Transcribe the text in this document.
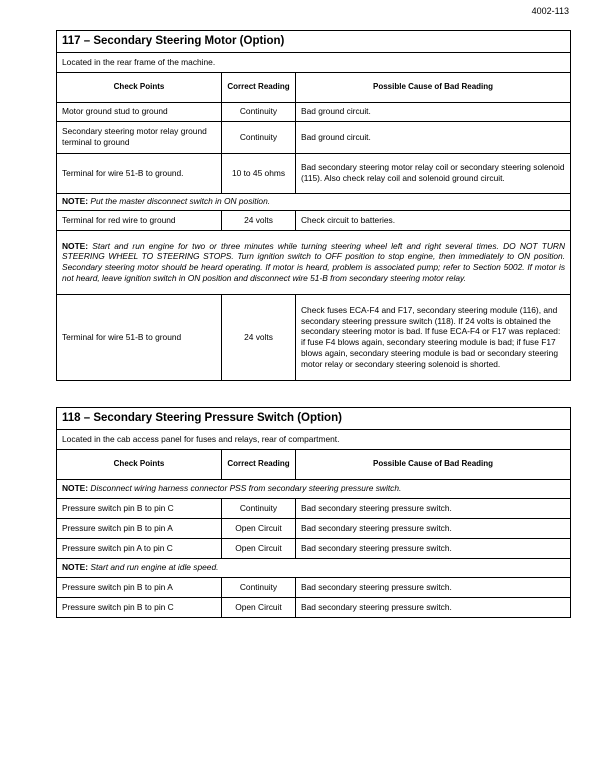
4002-113
117 – Secondary Steering Motor (Option)		
Located in the rear frame of the machine.		
Check Points	Correct Reading	Possible Cause of Bad Reading
Motor ground stud to ground	Continuity	Bad ground circuit.
Secondary steering motor relay ground terminal to ground	Continuity	Bad ground circuit.
Terminal for wire 51-B to ground.	10 to 45 ohms	Bad secondary steering motor relay coil or secondary steering solenoid (115). Also check relay coil and solenoid ground circuit.
NOTE: Put the master disconnect switch in ON position.		
Terminal for red wire to ground	24 volts	Check circuit to batteries.
NOTE: Start and run engine for two or three minutes while turning steering wheel left and right several times. DO NOT TURN STEERING WHEEL TO STEERING STOPS. Turn ignition switch to OFF position to stop engine, then immediately to ON position. Secondary steering motor should be heard operating. If motor is heard, problem is associated pump; refer to Section 5002. If motor is not heard, leave ignition switch in ON position and disconnect wire 51-B from secondary steering motor relay.		
Terminal for wire 51-B to ground	24 volts	Check fuses ECA-F4 and F17, secondary steering module (116), and secondary steering pressure switch (118). If 24 volts is obtained the secondary steering motor is bad. If fuse ECA-F4 or F17 was replaced: if fuse F4 blows again, secondary steering module is bad; if fuse F17 blows again, secondary steering module is bad or secondary steering motor relay or secondary steering solenoid is shorted.
118 – Secondary Steering Pressure Switch (Option)		
Located in the cab access panel for fuses and relays, rear of compartment.		
Check Points	Correct Reading	Possible Cause of Bad Reading
NOTE: Disconnect wiring harness connector PSS from secondary steering pressure switch.		
Pressure switch pin B to pin C	Continuity	Bad secondary steering pressure switch.
Pressure switch pin B to pin A	Open Circuit	Bad secondary steering pressure switch.
Pressure switch pin A to pin C	Open Circuit	Bad secondary steering pressure switch.
NOTE: Start and run engine at idle speed.		
Pressure switch pin B to pin A	Continuity	Bad secondary steering pressure switch.
Pressure switch pin B to pin C	Open Circuit	Bad secondary steering pressure switch.
